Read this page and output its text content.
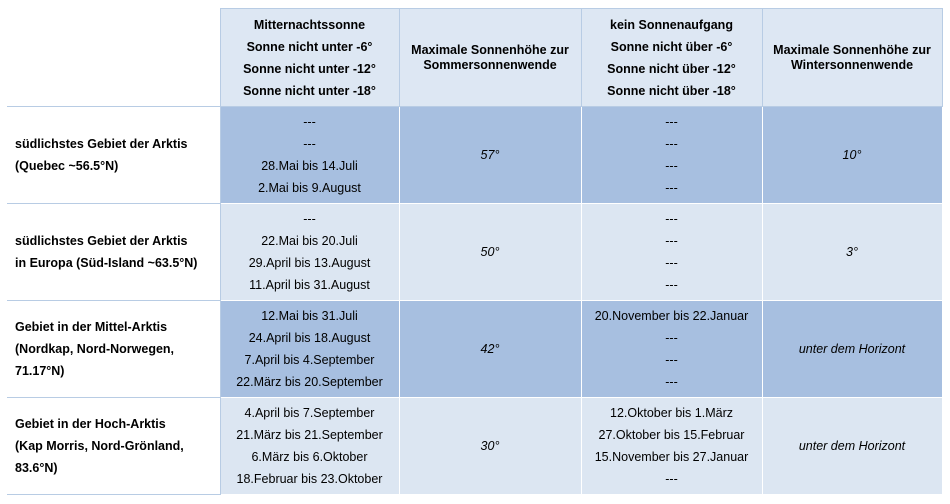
	Mitternachtssonne
Sonne nicht unter -6°
Sonne nicht unter -12°
Sonne nicht unter -18°	Maximale Sonnenhöhe zur
Sommersonnenwende	kein Sonnenaufgang
Sonne nicht über -6°
Sonne nicht über -12°
Sonne nicht über -18°	Maximale Sonnenhöhe zur
Wintersonnenwende

südlichstes Gebiet der Arktis
(Quebec ~56.5°N)	---
---
28.Mai bis 14.Juli
2.Mai bis 9.August	57°	---
---
---
---	10°

südlichstes Gebiet der Arktis
in Europa (Süd-Island ~63.5°N)	---
22.Mai bis 20.Juli
29.April bis 13.August
11.April bis 31.August	50°	---
---
---
---	3°

Gebiet in der Mittel-Arktis
(Nordkap, Nord-Norwegen,
71.17°N)	12.Mai bis 31.Juli
24.April bis 18.August
7.April bis 4.September
22.März bis 20.September	42°	20.November bis 22.Januar
---
---
---	unter dem Horizont

Gebiet in der Hoch-Arktis
(Kap Morris, Nord-Grönland,
83.6°N)	4.April bis 7.September
21.März bis 21.September
6.März bis 6.Oktober
18.Februar bis 23.Oktober	30°	12.Oktober bis 1.März
27.Oktober bis 15.Februar
15.November bis 27.Januar
---	unter dem Horizont
